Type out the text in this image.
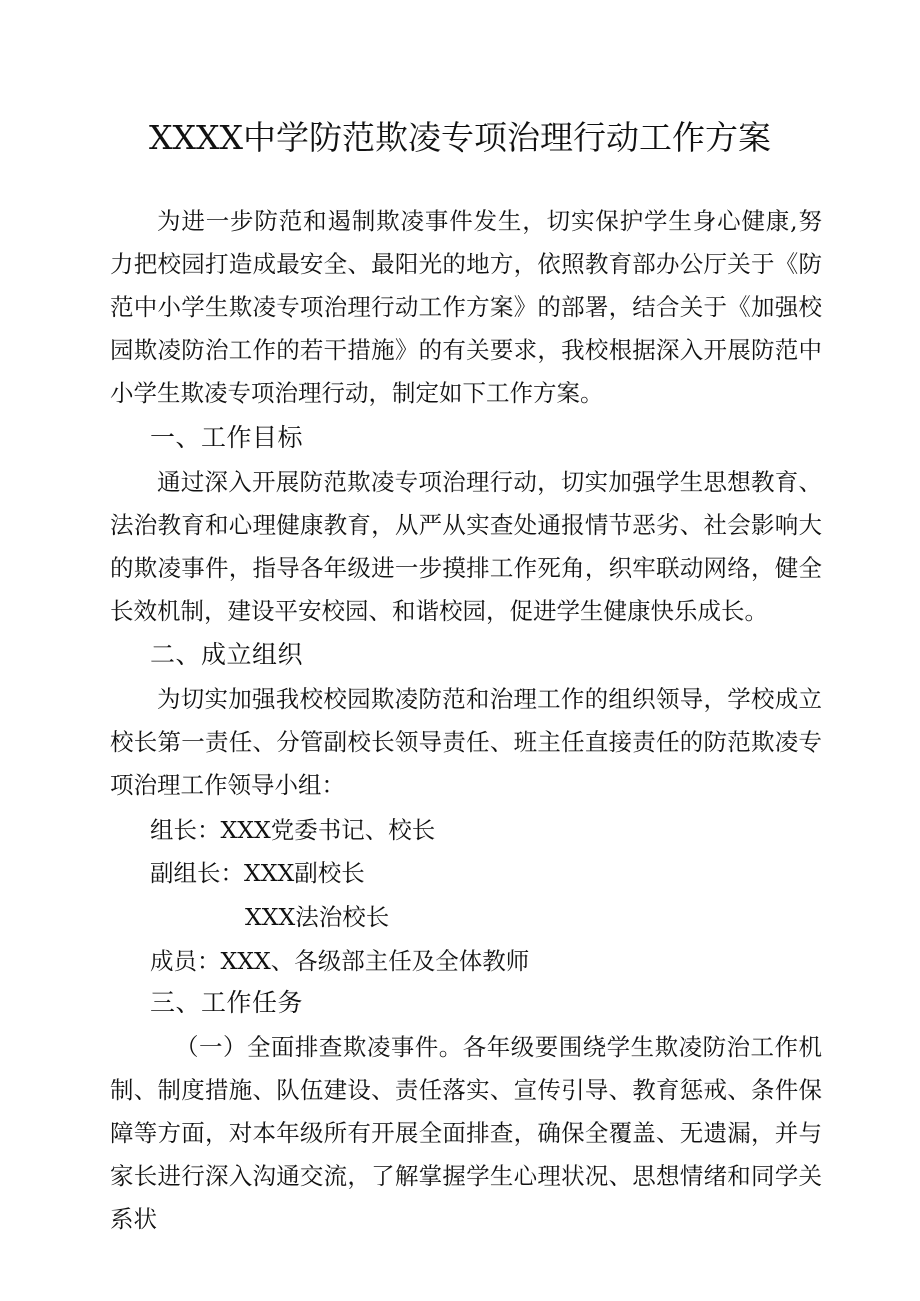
XXXX中学防范欺凌专项治理行动工作方案

为进一步防范和遏制欺凌事件发生，切实保护学生身心健康,努力把校园打造成最安全、最阳光的地方，依照教育部办公厅关于《防范中小学生欺凌专项治理行动工作方案》的部署，结合关于《加强校园欺凌防治工作的若干措施》的有关要求，我校根据深入开展防范中小学生欺凌专项治理行动，制定如下工作方案。

一、工作目标

通过深入开展防范欺凌专项治理行动，切实加强学生思想教育、法治教育和心理健康教育，从严从实查处通报情节恶劣、社会影响大的欺凌事件，指导各年级进一步摸排工作死角，织牢联动网络，健全长效机制，建设平安校园、和谐校园，促进学生健康快乐成长。

二、成立组织

为切实加强我校校园欺凌防范和治理工作的组织领导，学校成立校长第一责任、分管副校长领导责任、班主任直接责任的防范欺凌专项治理工作领导小组：

组长：XXX党委书记、校长
副组长：XXX副校长
XXX法治校长
成员：XXX、各级部主任及全体教师
三、工作任务

（一）全面排查欺凌事件。各年级要围绕学生欺凌防治工作机制、制度措施、队伍建设、责任落实、宣传引导、教育惩戒、条件保障等方面，对本年级所有开展全面排查，确保全覆盖、无遗漏，并与家长进行深入沟通交流，了解掌握学生心理状况、思想情绪和同学关系状
